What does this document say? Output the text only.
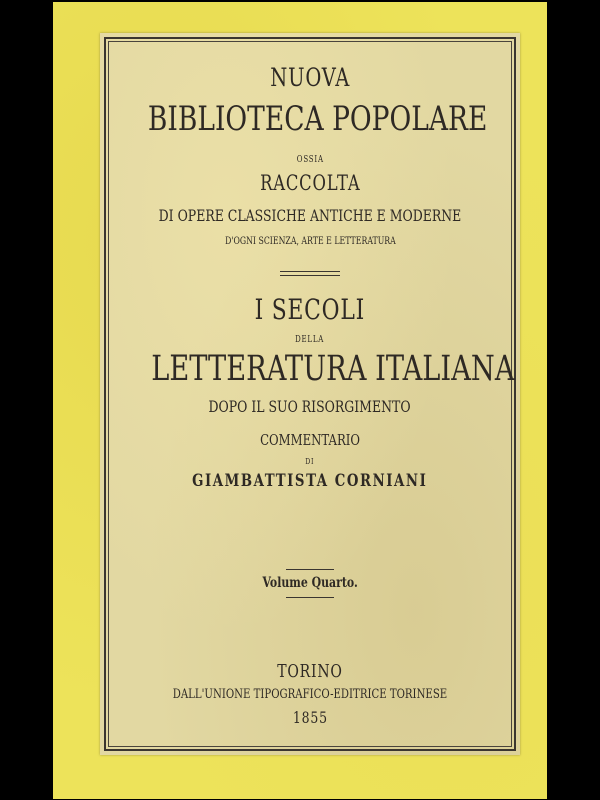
NUOVA
BIBLIOTECA POPOLARE
OSSIA
RACCOLTA
DI OPERE CLASSICHE ANTICHE E MODERNE
D'OGNI SCIENZA, ARTE E LETTERATURA
I SECOLI
DELLA
LETTERATURA ITALIANA
DOPO IL SUO RISORGIMENTO
COMMENTARIO
DI
GIAMBATTISTA CORNIANI
Volume Quarto.
TORINO
DALL'UNIONE TIPOGRAFICO-EDITRICE TORINESE
1855
